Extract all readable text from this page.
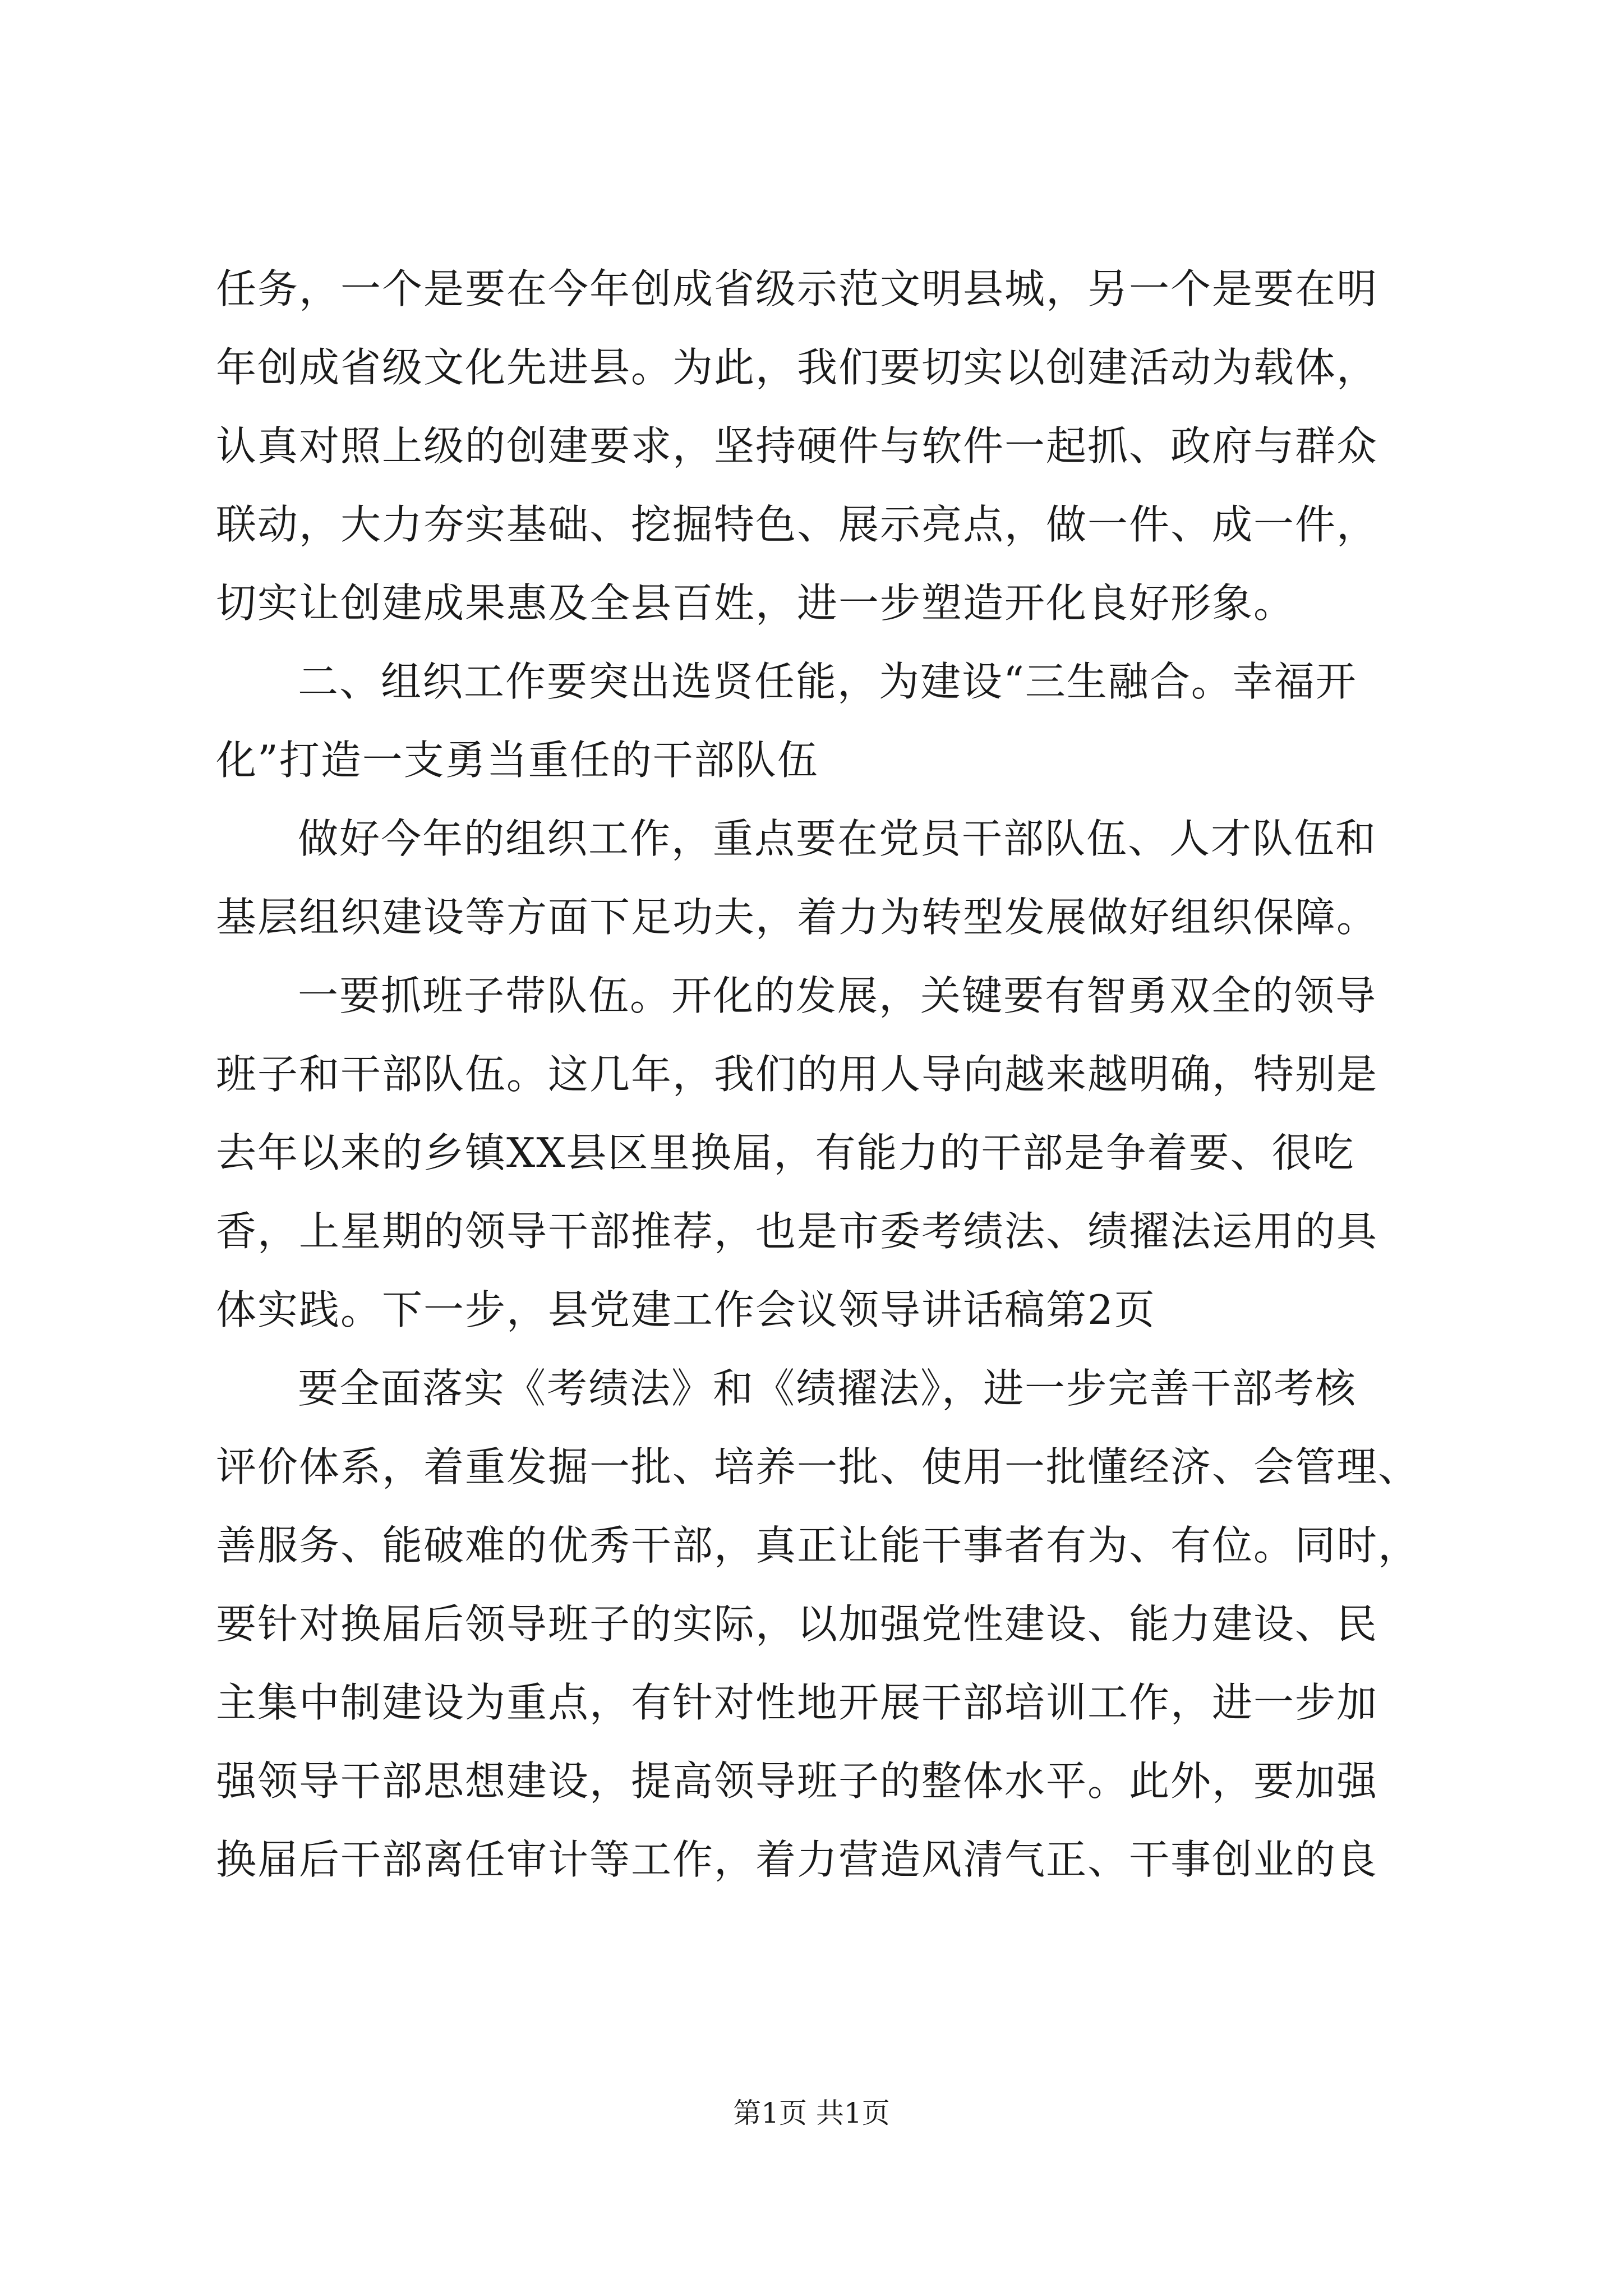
任务，一个是要在今年创成省级示范文明县城，另一个是要在明
年创成省级文化先进县。为此，我们要切实以创建活动为载体，
认真对照上级的创建要求，坚持硬件与软件一起抓、政府与群众
联动，大力夯实基础、挖掘特色、展示亮点，做一件、成一件，
切实让创建成果惠及全县百姓，进一步塑造开化良好形象。
二、组织工作要突出选贤任能，为建设“三生融合。幸福开
化”打造一支勇当重任的干部队伍
做好今年的组织工作，重点要在党员干部队伍、人才队伍和
基层组织建设等方面下足功夫，着力为转型发展做好组织保障。
一要抓班子带队伍。开化的发展，关键要有智勇双全的领导
班子和干部队伍。这几年，我们的用人导向越来越明确，特别是
去年以来的乡镇XX县区里换届，有能力的干部是争着要、很吃
香，上星期的领导干部推荐，也是市委考绩法、绩擢法运用的具
体实践。下一步，县党建工作会议领导讲话稿第2页
要全面落实《考绩法》和《绩擢法》，进一步完善干部考核
评价体系，着重发掘一批、培养一批、使用一批懂经济、会管理、
善服务、能破难的优秀干部，真正让能干事者有为、有位。同时，
要针对换届后领导班子的实际，以加强党性建设、能力建设、民
主集中制建设为重点，有针对性地开展干部培训工作，进一步加
强领导干部思想建设，提高领导班子的整体水平。此外，要加强
换届后干部离任审计等工作，着力营造风清气正、干事创业的良
第1页 共1页
